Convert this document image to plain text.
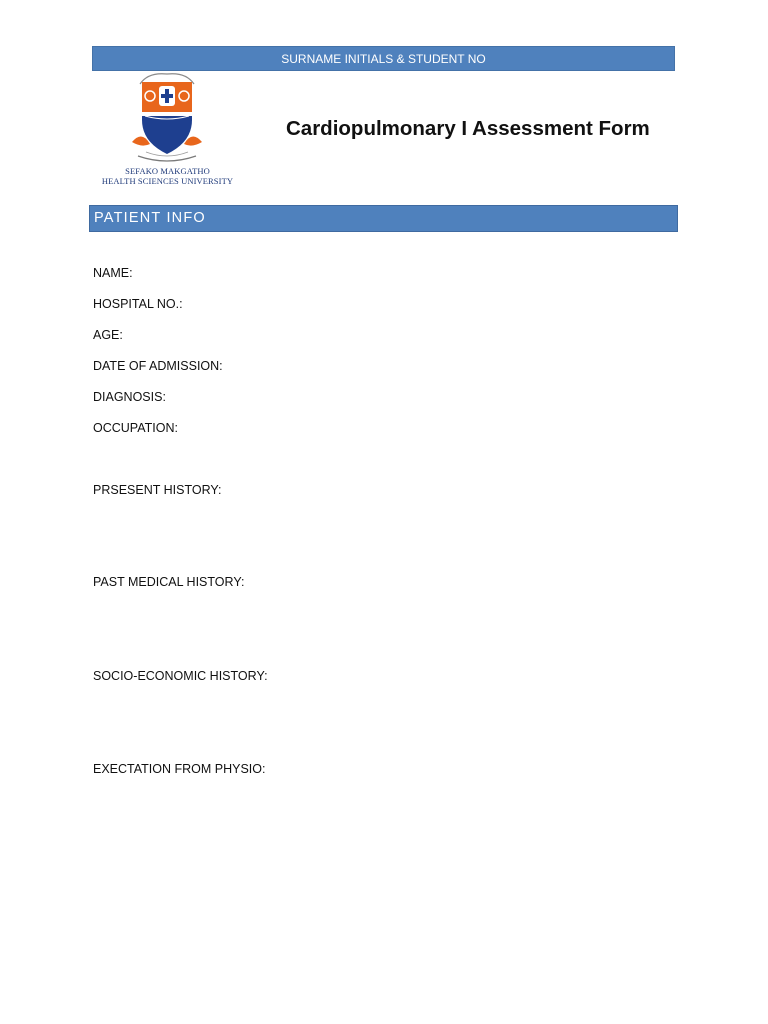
SURNAME INITIALS & STUDENT NO
SEFAKO MAKGATHO
HEALTH SCIENCES UNIVERSITY
Cardiopulmonary I Assessment Form
PATIENT INFO
NAME:
HOSPITAL NO.:
AGE:
DATE OF ADMISSION:
DIAGNOSIS:
OCCUPATION:
PRSESENT HISTORY:
PAST MEDICAL HISTORY:
SOCIO-ECONOMIC HISTORY:
EXECTATION FROM PHYSIO:
